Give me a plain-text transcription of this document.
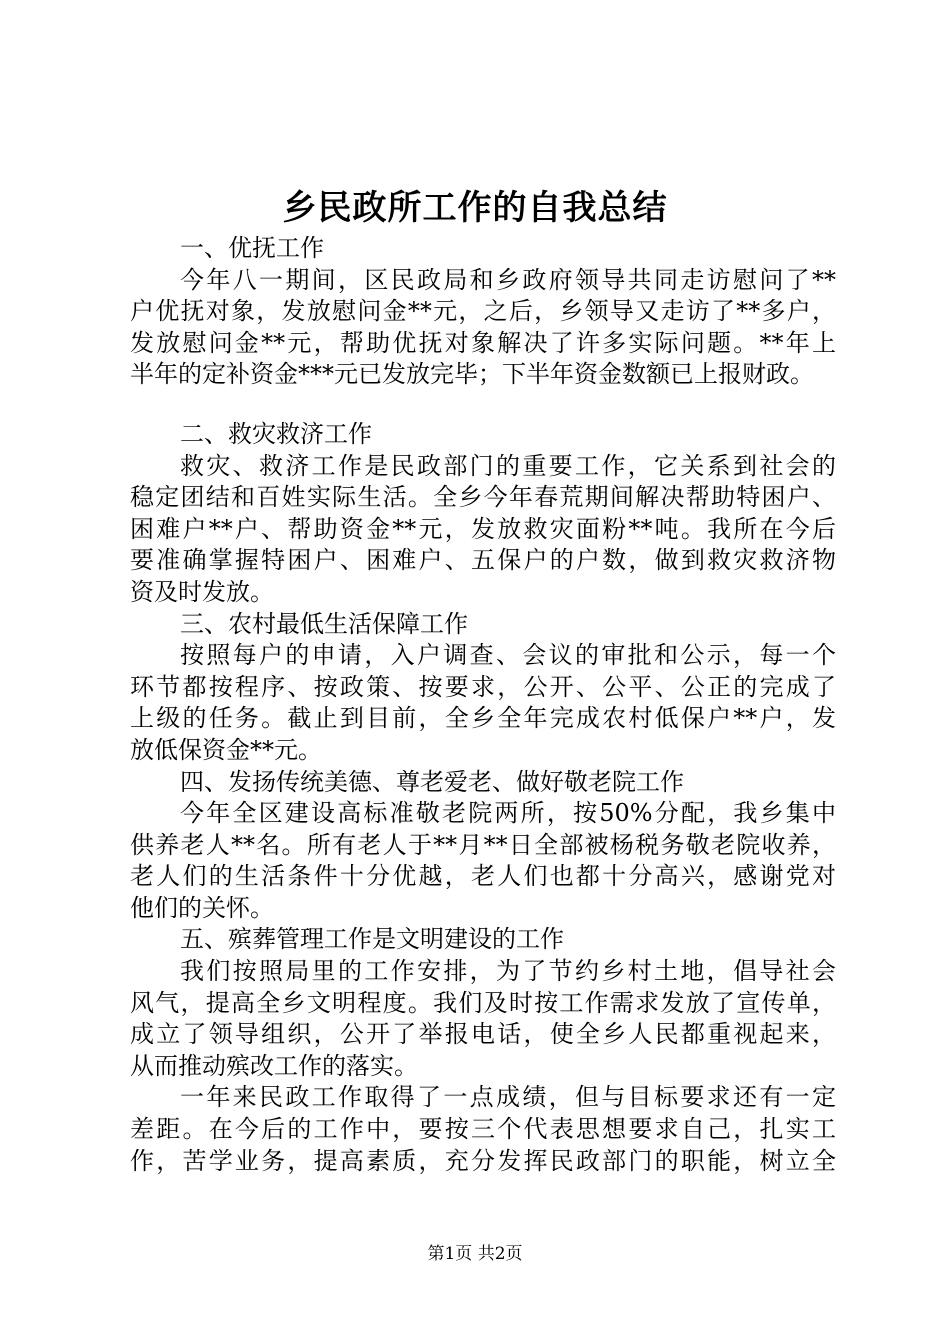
乡民政所工作的自我总结
一、优抚工作
今年八一期间，区民政局和乡政府领导共同走访慰问了**
户优抚对象，发放慰问金**元，之后，乡领导又走访了**多户，
发放慰问金**元，帮助优抚对象解决了许多实际问题。**年上
半年的定补资金***元已发放完毕；下半年资金数额已上报财政。
二、救灾救济工作
救灾、救济工作是民政部门的重要工作，它关系到社会的
稳定团结和百姓实际生活。全乡今年春荒期间解决帮助特困户、
困难户**户、帮助资金**元，发放救灾面粉**吨。我所在今后
要准确掌握特困户、困难户、五保户的户数，做到救灾救济物
资及时发放。
三、农村最低生活保障工作
按照每户的申请，入户调查、会议的审批和公示，每一个
环节都按程序、按政策、按要求，公开、公平、公正的完成了
上级的任务。截止到目前，全乡全年完成农村低保户**户，发
放低保资金**元。
四、发扬传统美德、尊老爱老、做好敬老院工作
今年全区建设高标准敬老院两所，按50%分配，我乡集中
供养老人**名。所有老人于**月**日全部被杨税务敬老院收养，
老人们的生活条件十分优越，老人们也都十分高兴，感谢党对
他们的关怀。
五、殡葬管理工作是文明建设的工作
我们按照局里的工作安排，为了节约乡村土地，倡导社会
风气，提高全乡文明程度。我们及时按工作需求发放了宣传单，
成立了领导组织，公开了举报电话，使全乡人民都重视起来，
从而推动殡改工作的落实。
一年来民政工作取得了一点成绩，但与目标要求还有一定
差距。在今后的工作中，要按三个代表思想要求自己，扎实工
作，苦学业务，提高素质，充分发挥民政部门的职能，树立全
第1页 共2页
